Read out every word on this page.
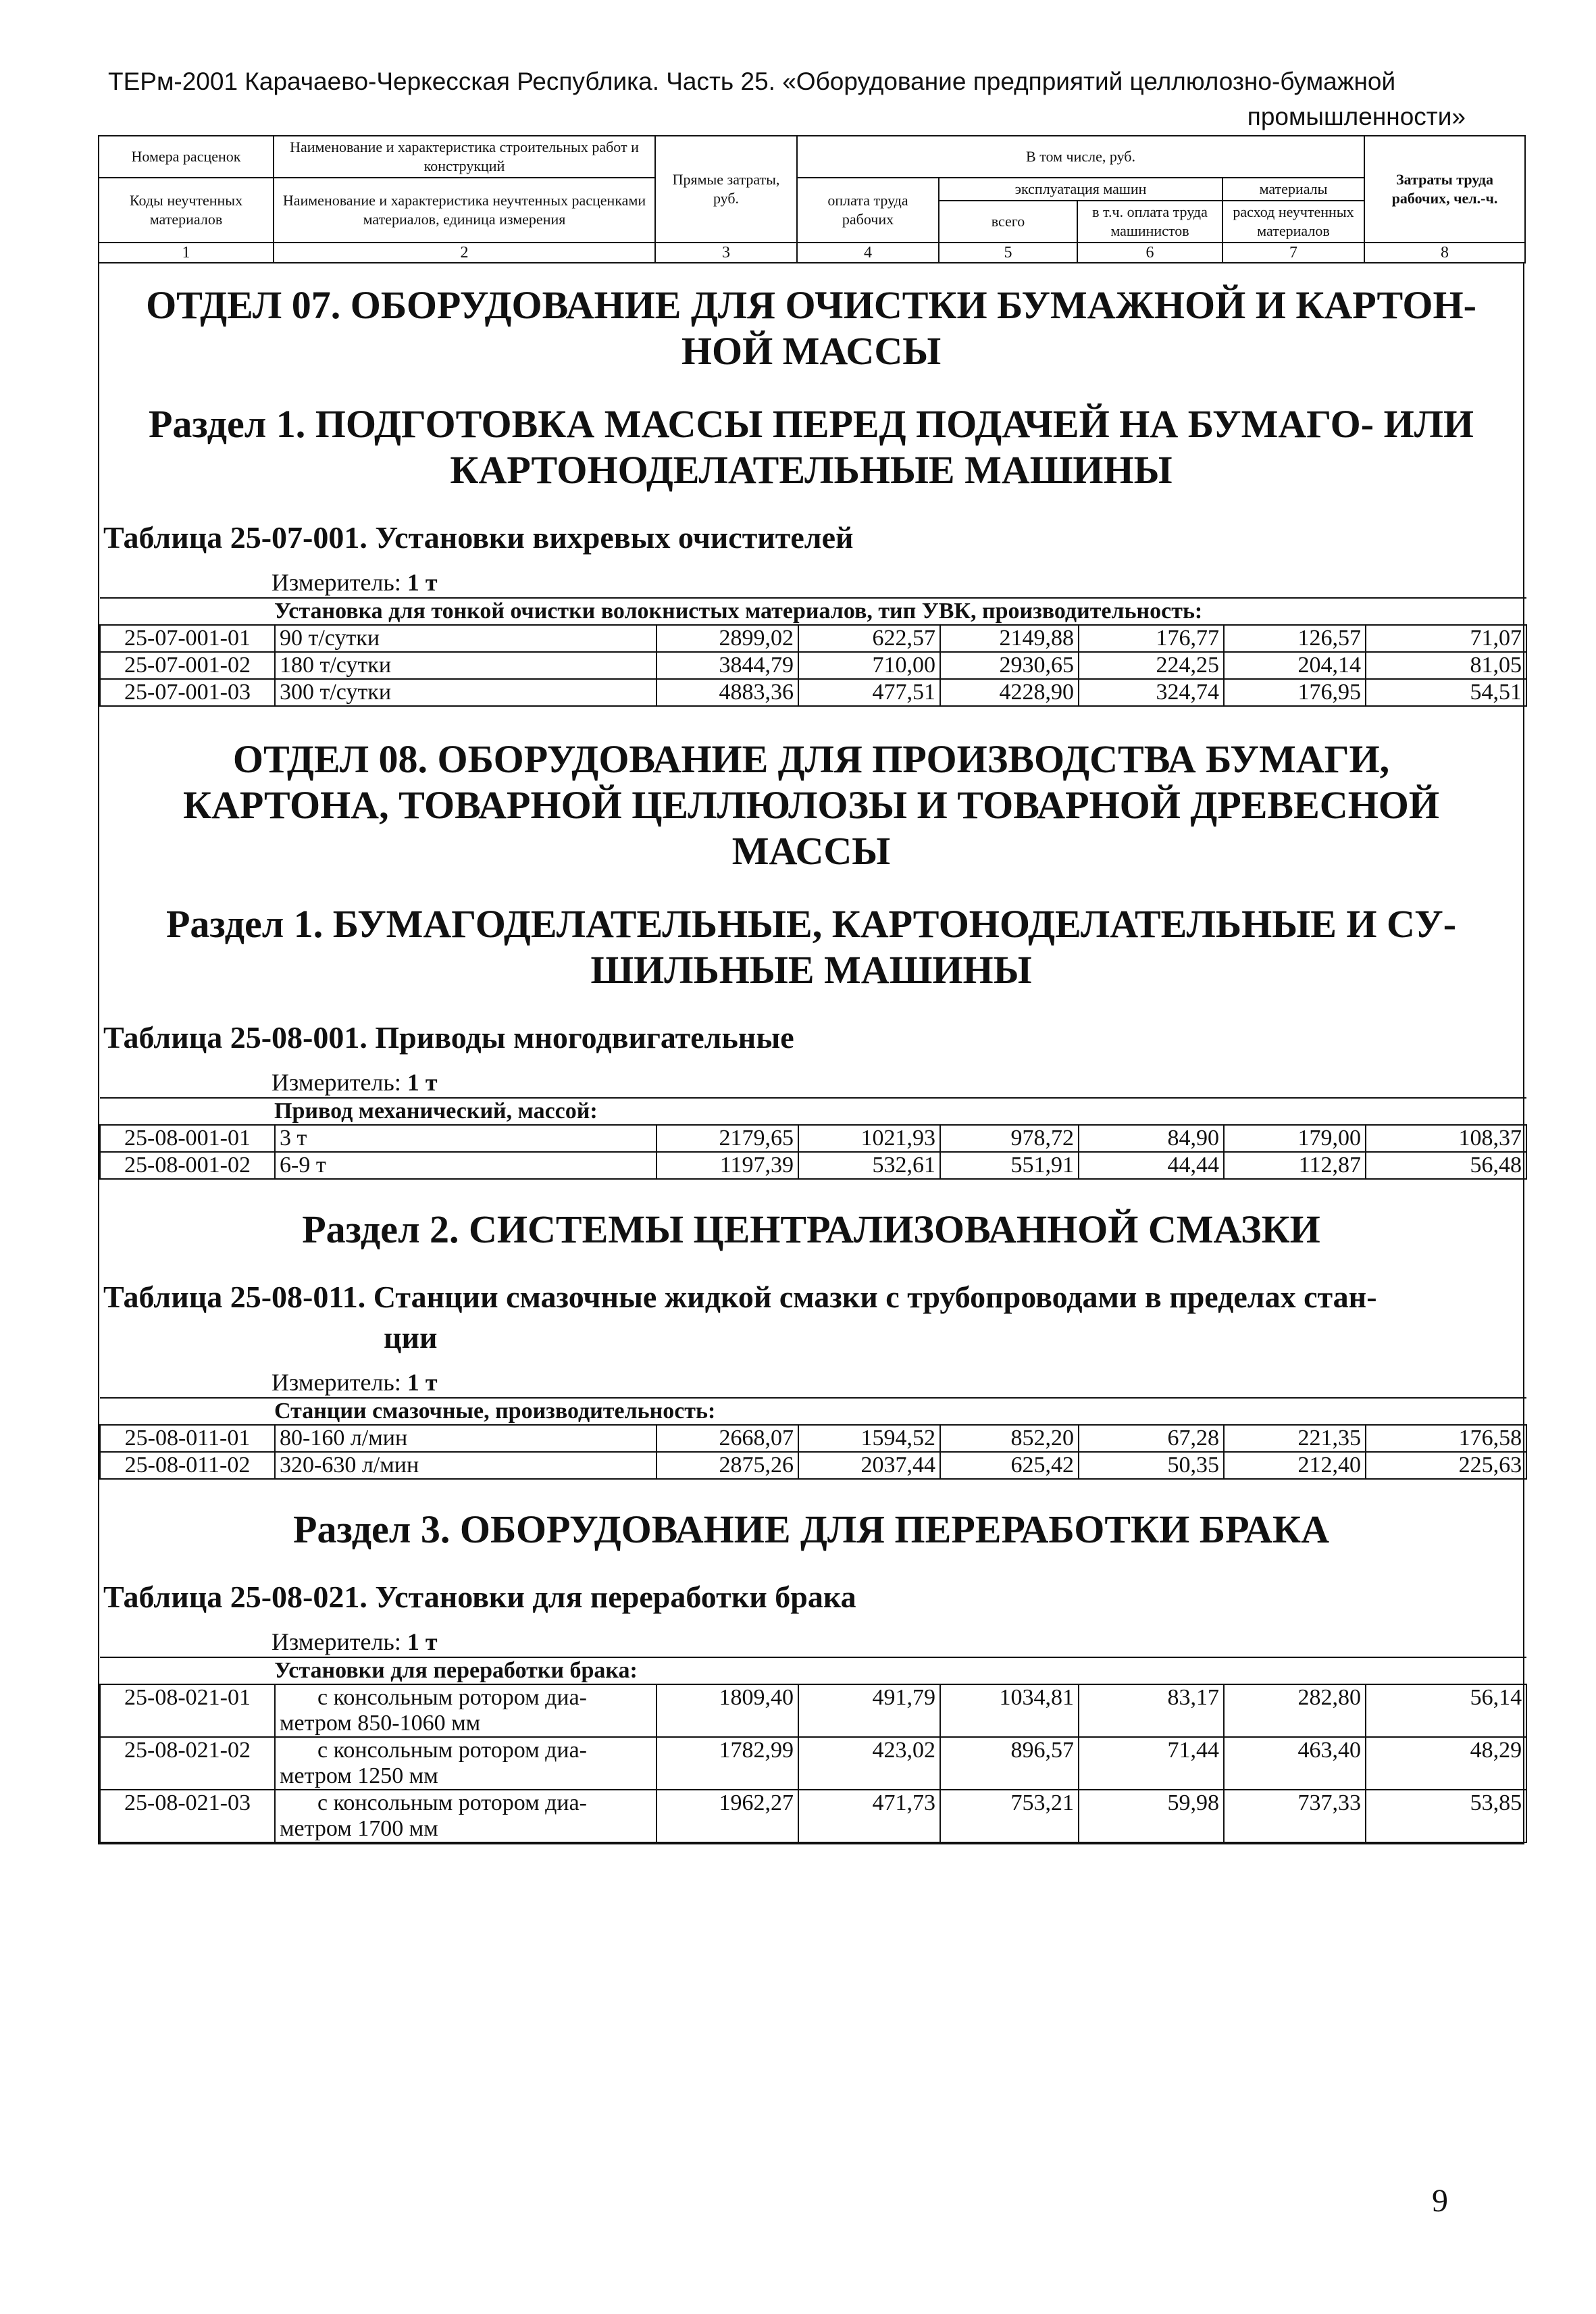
ТЕРм-2001 Карачаево-Черкесская Республика. Часть 25. «Оборудование предприятий целлюлозно-бумажной
промышленности»
Номера расценок	Наименование и характеристика строительных работ и конструкций	Прямые затраты, руб.	В том числе, руб.				Затраты труда рабочих, чел.-ч.
Коды неучтенных материалов	Наименование и характеристика неучтенных расценками материалов, единица измерения		оплата труда рабочих	эксплуатация машин		материалы	
				всего	в т.ч. оплата труда машинистов	расход неучтенных материалов	
1	2	3	4	5	6	7	8

ОТДЕЛ 07. ОБОРУДОВАНИЕ ДЛЯ ОЧИСТКИ БУМАЖНОЙ И КАРТОН-НОЙ МАССЫ

Раздел 1. ПОДГОТОВКА МАССЫ ПЕРЕД ПОДАЧЕЙ НА БУМАГО- ИЛИ КАРТОНОДЕЛАТЕЛЬНЫЕ МАШИНЫ

Таблица 25-07-001. Установки вихревых очистителей

Измеритель: 1 т

Установка для тонкой очистки волокнистых материалов, тип УВК, производительность:							
25-07-001-01	90 т/сутки	2899,02	622,57	2149,88	176,77	126,57	71,07
25-07-001-02	180 т/сутки	3844,79	710,00	2930,65	224,25	204,14	81,05
25-07-001-03	300 т/сутки	4883,36	477,51	4228,90	324,74	176,95	54,51

ОТДЕЛ 08. ОБОРУДОВАНИЕ ДЛЯ ПРОИЗВОДСТВА БУМАГИ, КАРТОНА, ТОВАРНОЙ ЦЕЛЛЮЛОЗЫ И ТОВАРНОЙ ДРЕВЕСНОЙ МАССЫ

Раздел 1. БУМАГОДЕЛАТЕЛЬНЫЕ, КАРТОНОДЕЛАТЕЛЬНЫЕ И СУ-ШИЛЬНЫЕ МАШИНЫ

Таблица 25-08-001. Приводы многодвигательные

Измеритель: 1 т

Привод механический, массой:							
25-08-001-01	3 т	2179,65	1021,93	978,72	84,90	179,00	108,37
25-08-001-02	6-9 т	1197,39	532,61	551,91	44,44	112,87	56,48

Раздел 2. СИСТЕМЫ ЦЕНТРАЛИЗОВАННОЙ СМАЗКИ

Таблица 25-08-011. Станции смазочные жидкой смазки с трубопроводами в пределах стан-
ции

Измеритель: 1 т

Станции смазочные, производительность:							
25-08-011-01	80-160 л/мин	2668,07	1594,52	852,20	67,28	221,35	176,58
25-08-011-02	320-630 л/мин	2875,26	2037,44	625,42	50,35	212,40	225,63

Раздел 3. ОБОРУДОВАНИЕ ДЛЯ ПЕРЕРАБОТКИ БРАКА

Таблица 25-08-021. Установки для переработки брака

Измеритель: 1 т

Установки для переработки брака:							
25-08-021-01	с консольным ротором диа-
метром 850-1060 мм	1809,40	491,79	1034,81	83,17	282,80	56,14
25-08-021-02	с консольным ротором диа-
метром 1250 мм	1782,99	423,02	896,57	71,44	463,40	48,29
25-08-021-03	с консольным ротором диа-
метром 1700 мм	1962,27	471,73	753,21	59,98	737,33	53,85
9
